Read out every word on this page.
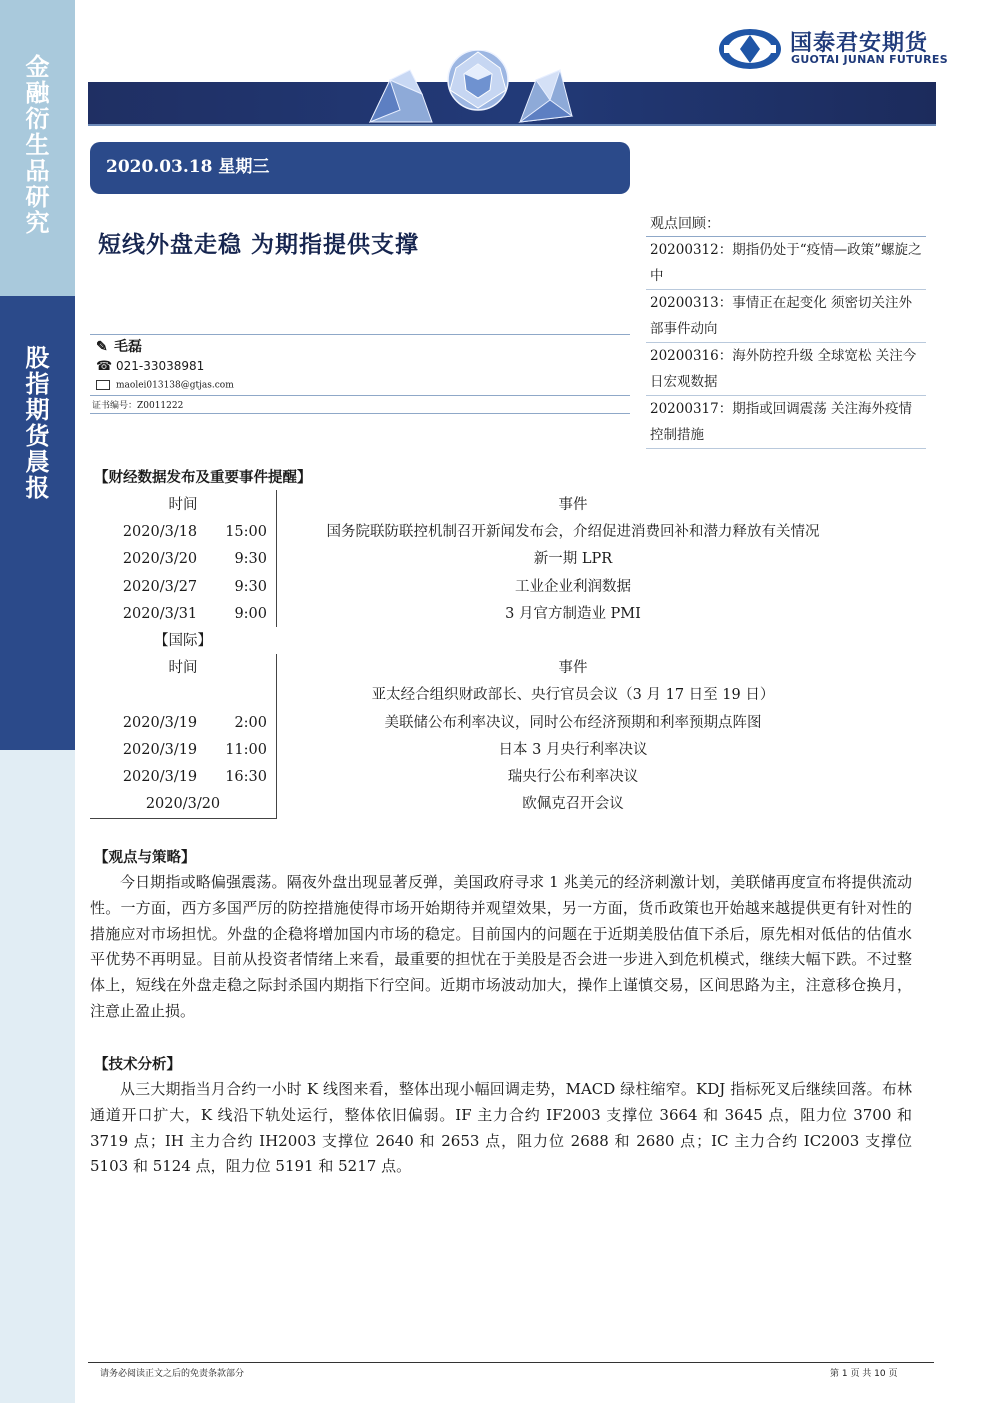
金
融
衍
生
品
研
究
股
指
期
货
晨
报
国泰君安期货
GUOTAI JUNAN FUTURES
2020.03.18 星期三
短线外盘走稳 为期指提供支撑
✎ 毛磊
☎ 021-33038981
maolei013138@gtjas.com
证书编号：Z0011222
观点回顾：
20200312：期指仍处于“疫情—政策”螺旋之中
20200313：事情正在起变化 须密切关注外部事件动向
20200316：海外防控升级 全球宽松 关注今日宏观数据
20200317：期指或回调震荡 关注海外疫情控制措施
【财经数据发布及重要事件提醒】
时间	事件
2020/3/18	15:00	国务院联防联控机制召开新闻发布会，介绍促进消费回补和潜力释放有关情况
2020/3/20	9:30	新一期 LPR
2020/3/27	9:30	工业企业利润数据
2020/3/31	9:00	3 月官方制造业 PMI
【国际】
时间	事件
亚太经合组织财政部长、央行官员会议（3 月 17 日至 19 日）
2020/3/19	2:00	美联储公布利率决议，同时公布经济预期和利率预期点阵图
2020/3/19	11:00	日本 3 月央行利率决议
2020/3/19	16:30	瑞央行公布利率决议
2020/3/20	欧佩克召开会议
【观点与策略】

今日期指或略偏强震荡。隔夜外盘出现显著反弹，美国政府寻求 1 兆美元的经济刺激计划，美联储再度宣布将提供流动性。一方面，西方多国严厉的防控措施使得市场开始期待并观望效果，另一方面，货币政策也开始越来越提供更有针对性的措施应对市场担忧。外盘的企稳将增加国内市场的稳定。目前国内的问题在于近期美股估值下杀后，原先相对低估的估值水平优势不再明显。目前从投资者情绪上来看，最重要的担忧在于美股是否会进一步进入到危机模式，继续大幅下跌。不过整体上，短线在外盘走稳之际封杀国内期指下行空间。近期市场波动加大，操作上谨慎交易，区间思路为主，注意移仓换月，注意止盈止损。

【技术分析】

从三大期指当月合约一小时 K 线图来看，整体出现小幅回调走势，MACD 绿柱缩窄。KDJ 指标死叉后继续回落。布林通道开口扩大，K 线沿下轨处运行，整体依旧偏弱。IF 主力合约 IF2003 支撑位 3664 和 3645 点，阻力位 3700 和 3719 点；IH 主力合约 IH2003 支撑位 2640 和 2653 点，阻力位 2688 和 2680 点；IC 主力合约 IC2003 支撑位 5103 和 5124 点，阻力位 5191 和 5217 点。

请务必阅读正文之后的免责条款部分	第 1 页 共 10 页
